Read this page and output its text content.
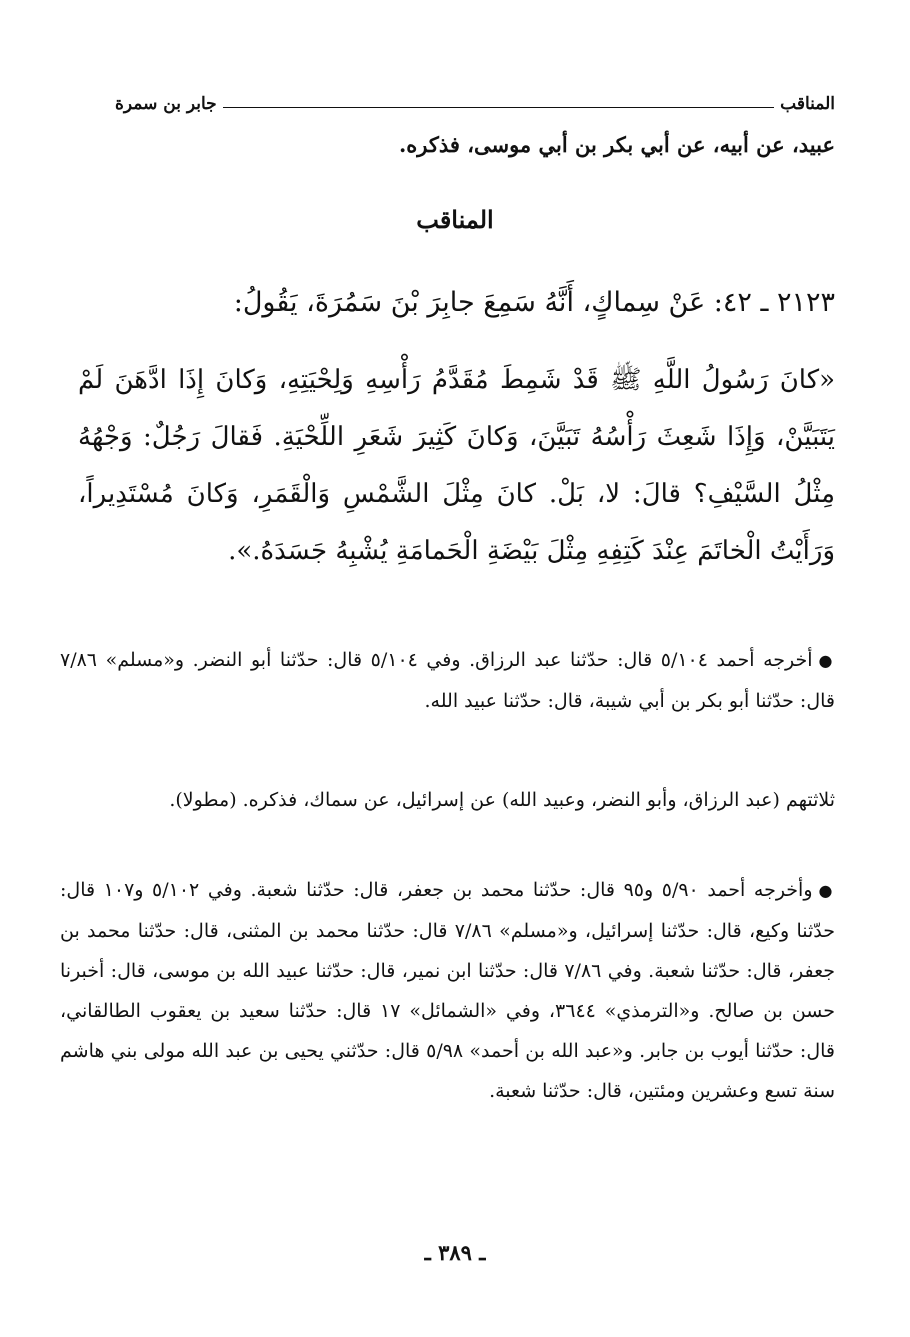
المناقب
جابر بن سمرة
عبيد، عن أبيه، عن أبي بكر بن أبي موسى، فذكره.
المناقب
٢١٢٣ ـ ٤٢: عَنْ سِماكٍ، أَنَّهُ سَمِعَ جابِرَ بْنَ سَمُرَةَ، يَقُولُ:
«كانَ رَسُولُ اللَّهِ ﷺ قَدْ شَمِطَ مُقَدَّمُ رَأْسِهِ وَلِحْيَتِهِ، وَكانَ إِذَا ادَّهَنَ لَمْ يَتَبَيَّنْ، وَإِذَا شَعِثَ رَأْسُهُ تَبَيَّنَ، وَكانَ كَثِيرَ شَعَرِ اللِّحْيَةِ. فَقالَ رَجُلٌ: وَجْهُهُ مِثْلُ السَّيْفِ؟ قالَ: لا، بَلْ. كانَ مِثْلَ الشَّمْسِ وَالْقَمَرِ، وَكانَ مُسْتَدِيراً، وَرَأَيْتُ الْخاتَمَ عِنْدَ كَتِفِهِ مِثْلَ بَيْضَةِ الْحَمامَةِ يُشْبِهُ جَسَدَهُ.».
●أخرجه أحمد ٥/١٠٤ قال: حدّثنا عبد الرزاق. وفي ٥/١٠٤ قال: حدّثنا أبو النضر. و«مسلم» ٧/٨٦ قال: حدّثنا أبو بكر بن أبي شيبة، قال: حدّثنا عبيد الله.
ثلاثتهم (عبد الرزاق، وأبو النضر، وعبيد الله) عن إسرائيل، عن سماك، فذكره. (مطولا).
●وأخرجه أحمد ٥/٩٠ و٩٥ قال: حدّثنا محمد بن جعفر، قال: حدّثنا شعبة. وفي ٥/١٠٢ و١٠٧ قال: حدّثنا وكيع، قال: حدّثنا إسرائيل، و«مسلم» ٧/٨٦ قال: حدّثنا محمد بن المثنى، قال: حدّثنا محمد بن جعفر، قال: حدّثنا شعبة. وفي ٧/٨٦ قال: حدّثنا ابن نمير، قال: حدّثنا عبيد الله بن موسى، قال: أخبرنا حسن بن صالح. و«الترمذي» ٣٦٤٤، وفي «الشمائل» ١٧ قال: حدّثنا سعيد بن يعقوب الطالقاني، قال: حدّثنا أيوب بن جابر. و«عبد الله بن أحمد» ٥/٩٨ قال: حدّثني يحيى بن عبد الله مولى بني هاشم سنة تسع وعشرين ومئتين، قال: حدّثنا شعبة.
ـ ٣٨٩ ـ
